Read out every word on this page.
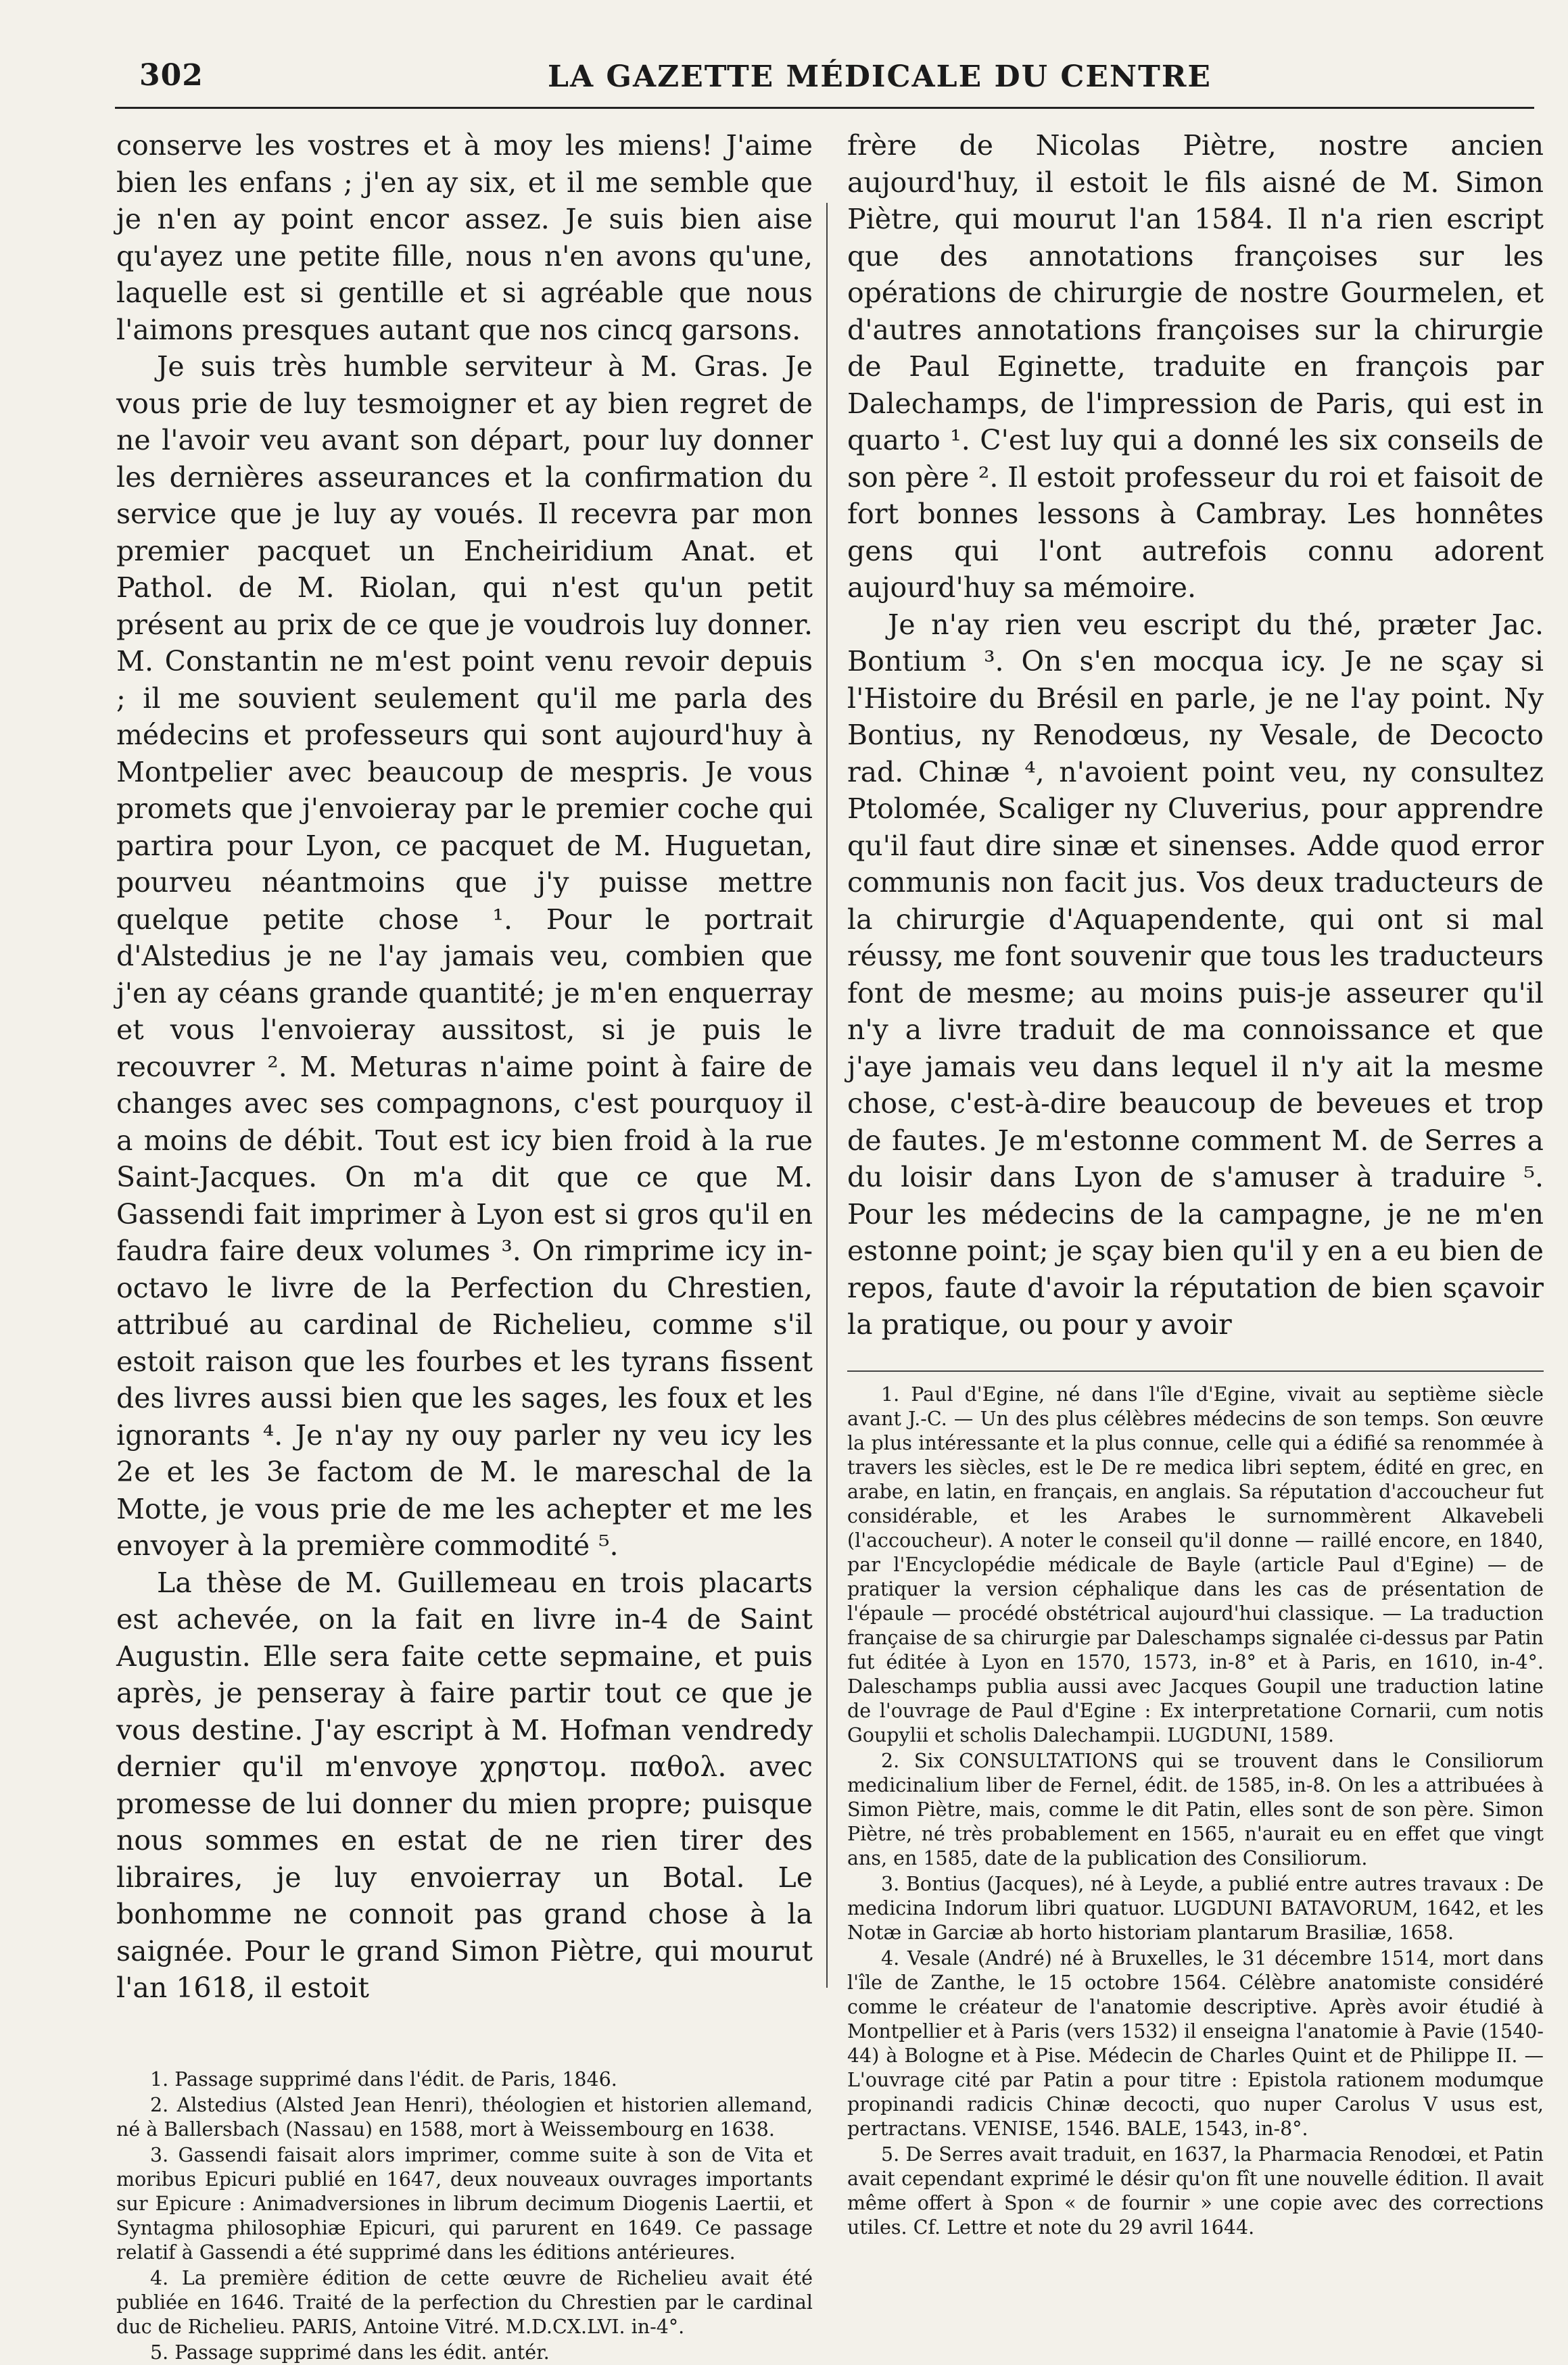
302	LA GAZETTE MÉDICALE DU CENTRE

conserve les vostres et à moy les miens! J'aime bien les enfans ; j'en ay six, et il me semble que je n'en ay point encor assez. Je suis bien aise qu'ayez une petite fille, nous n'en avons qu'une, laquelle est si gentille et si agréable que nous l'aimons presques autant que nos cincq garsons.

Je suis très humble serviteur à M. Gras. Je vous prie de luy tesmoigner et ay bien regret de ne l'avoir veu avant son départ, pour luy donner les dernières asseurances et la confirmation du service que je luy ay voués. Il recevra par mon premier pacquet un Encheiridium Anat. et Pathol. de M. Riolan, qui n'est qu'un petit présent au prix de ce que je voudrois luy donner. M. Constantin ne m'est point venu revoir depuis ; il me souvient seulement qu'il me parla des médecins et professeurs qui sont aujourd'huy à Montpelier avec beaucoup de mespris. Je vous promets que j'envoieray par le premier coche qui partira pour Lyon, ce pacquet de M. Huguetan, pourveu néantmoins que j'y puisse mettre quelque petite chose ¹. Pour le portrait d'Alstedius je ne l'ay jamais veu, combien que j'en ay céans grande quantité; je m'en enquerray et vous l'envoieray aussitost, si je puis le recouvrer ². M. Meturas n'aime point à faire de changes avec ses compagnons, c'est pourquoy il a moins de débit. Tout est icy bien froid à la rue Saint-Jacques. On m'a dit que ce que M. Gassendi fait imprimer à Lyon est si gros qu'il en faudra faire deux volumes ³. On rimprime icy in-octavo le livre de la Perfection du Chrestien, attribué au cardinal de Richelieu, comme s'il estoit raison que les fourbes et les tyrans fissent des livres aussi bien que les sages, les foux et les ignorants ⁴. Je n'ay ny ouy parler ny veu icy les 2e et les 3e factom de M. le mareschal de la Motte, je vous prie de me les achepter et me les envoyer à la première commodité ⁵.

La thèse de M. Guillemeau en trois placarts est achevée, on la fait en livre in-4 de Saint Augustin. Elle sera faite cette sepmaine, et puis après, je penseray à faire partir tout ce que je vous destine. J'ay escript à M. Hofman vendredy dernier qu'il m'envoye χρηστομ. παθολ. avec promesse de lui donner du mien propre; puisque nous sommes en estat de ne rien tirer des libraires, je luy envoierray un Botal. Le bonhomme ne connoit pas grand chose à la saignée. Pour le grand Simon Piètre, qui mourut l'an 1618, il estoit

1. Passage supprimé dans l'édit. de Paris, 1846.

2. Alstedius (Alsted Jean Henri), théologien et historien allemand, né à Ballersbach (Nassau) en 1588, mort à Weissembourg en 1638.

3. Gassendi faisait alors imprimer, comme suite à son de Vita et moribus Epicuri publié en 1647, deux nouveaux ouvrages importants sur Epicure : Animadversiones in librum decimum Diogenis Laertii, et Syntagma philosophiæ Epicuri, qui parurent en 1649. Ce passage relatif à Gassendi a été supprimé dans les éditions antérieures.

4. La première édition de cette œuvre de Richelieu avait été publiée en 1646. Traité de la perfection du Chrestien par le cardinal duc de Richelieu. PARIS, Antoine Vitré. M.D.CX.LVI. in-4°.

5. Passage supprimé dans les édit. antér.

frère de Nicolas Piètre, nostre ancien aujourd'huy, il estoit le fils aisné de M. Simon Piètre, qui mourut l'an 1584. Il n'a rien escript que des annotations françoises sur les opérations de chirurgie de nostre Gourmelen, et d'autres annotations françoises sur la chirurgie de Paul Eginette, traduite en françois par Dalechamps, de l'impression de Paris, qui est in quarto ¹. C'est luy qui a donné les six conseils de son père ². Il estoit professeur du roi et faisoit de fort bonnes lessons à Cambray. Les honnêtes gens qui l'ont autrefois connu adorent aujourd'huy sa mémoire.

Je n'ay rien veu escript du thé, præter Jac. Bontium ³. On s'en mocqua icy. Je ne sçay si l'Histoire du Brésil en parle, je ne l'ay point. Ny Bontius, ny Renodœus, ny Vesale, de Decocto rad. Chinæ ⁴, n'avoient point veu, ny consultez Ptolomée, Scaliger ny Cluverius, pour apprendre qu'il faut dire sinæ et sinenses. Adde quod error communis non facit jus. Vos deux traducteurs de la chirurgie d'Aquapendente, qui ont si mal réussy, me font souvenir que tous les traducteurs font de mesme; au moins puis-je asseurer qu'il n'y a livre traduit de ma connoissance et que j'aye jamais veu dans lequel il n'y ait la mesme chose, c'est-à-dire beaucoup de beveues et trop de fautes. Je m'estonne comment M. de Serres a du loisir dans Lyon de s'amuser à traduire ⁵. Pour les médecins de la campagne, je ne m'en estonne point; je sçay bien qu'il y en a eu bien de repos, faute d'avoir la réputation de bien sçavoir la pratique, ou pour y avoir

1. Paul d'Egine, né dans l'île d'Egine, vivait au septième siècle avant J.-C. — Un des plus célèbres médecins de son temps. Son œuvre la plus intéressante et la plus connue, celle qui a édifié sa renommée à travers les siècles, est le De re medica libri septem, édité en grec, en arabe, en latin, en français, en anglais. Sa réputation d'accoucheur fut considérable, et les Arabes le surnommèrent Alkavebeli (l'accoucheur). A noter le conseil qu'il donne — raillé encore, en 1840, par l'Encyclopédie médicale de Bayle (article Paul d'Egine) — de pratiquer la version céphalique dans les cas de présentation de l'épaule — procédé obstétrical aujourd'hui classique. — La traduction française de sa chirurgie par Daleschamps signalée ci-dessus par Patin fut éditée à Lyon en 1570, 1573, in-8° et à Paris, en 1610, in-4°. Daleschamps publia aussi avec Jacques Goupil une traduction latine de l'ouvrage de Paul d'Egine : Ex interpretatione Cornarii, cum notis Goupylii et scholis Dalechampii. LUGDUNI, 1589.

2. Six CONSULTATIONS qui se trouvent dans le Consiliorum medicinalium liber de Fernel, édit. de 1585, in-8. On les a attribuées à Simon Piètre, mais, comme le dit Patin, elles sont de son père. Simon Piètre, né très probablement en 1565, n'aurait eu en effet que vingt ans, en 1585, date de la publication des Consiliorum.

3. Bontius (Jacques), né à Leyde, a publié entre autres travaux : De medicina Indorum libri quatuor. LUGDUNI BATAVORUM, 1642, et les Notæ in Garciæ ab horto historiam plantarum Brasiliæ, 1658.

4. Vesale (André) né à Bruxelles, le 31 décembre 1514, mort dans l'île de Zanthe, le 15 octobre 1564. Célèbre anatomiste considéré comme le créateur de l'anatomie descriptive. Après avoir étudié à Montpellier et à Paris (vers 1532) il enseigna l'anatomie à Pavie (1540-44) à Bologne et à Pise. Médecin de Charles Quint et de Philippe II. — L'ouvrage cité par Patin a pour titre : Epistola rationem modumque propinandi radicis Chinæ decocti, quo nuper Carolus V usus est, pertractans. VENISE, 1546. BALE, 1543, in-8°.

5. De Serres avait traduit, en 1637, la Pharmacia Renodœi, et Patin avait cependant exprimé le désir qu'on fît une nouvelle édition. Il avait même offert à Spon « de fournir » une copie avec des corrections utiles. Cf. Lettre et note du 29 avril 1644.
